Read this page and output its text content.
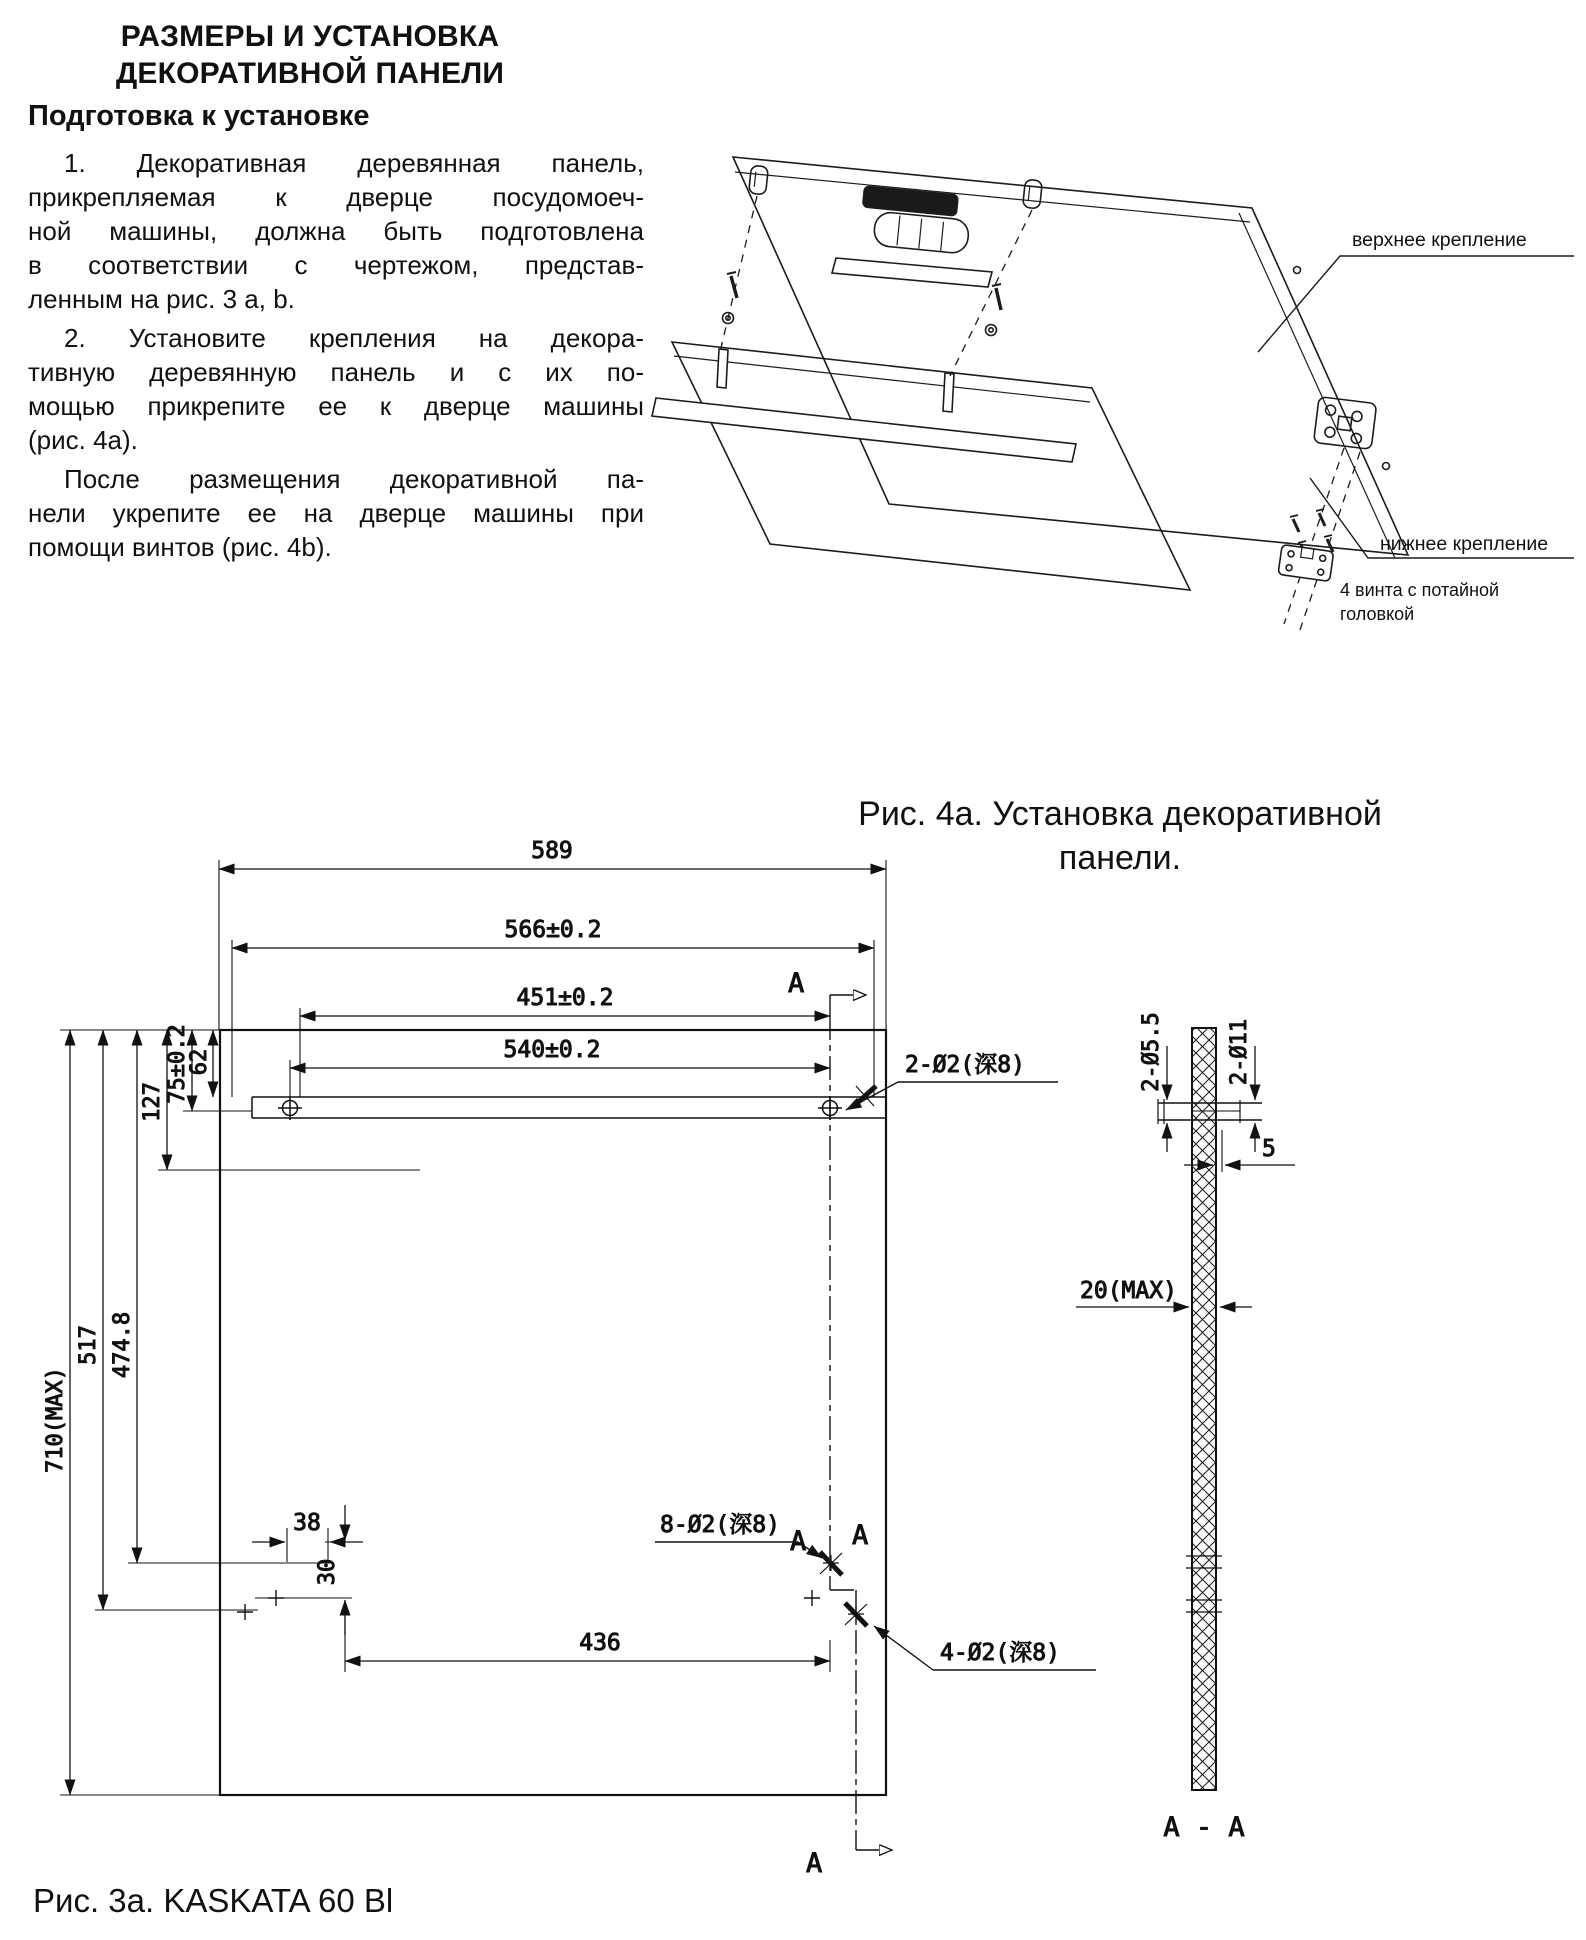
верхнее крепление
нижнее крепление
4 винта с потайной
головкой
589
566±0.2
451±0.2
540±0.2
710(MAX)
517 474.8
127 75±0.2
62
A
A
A A
2-Ø2(深8)
8-Ø2(深8)
4-Ø2(深8)
38
30
436
2-Ø5.5	2-Ø11
5
20(MAX)
A - A
РАЗМЕРЫ И УСТАНОВКА
ДЕКОРАТИВНОЙ ПАНЕЛИ
Подготовка к установке
1. Декоративная деревянная панель,
прикрепляемая к дверце посудомоеч-
ной машины, должна быть подготовлена
в соответствии с чертежом, представ-
ленным на рис. 3 a, b.
2. Установите крепления на декора-
тивную деревянную панель и с их по-
мощью прикрепите ее к дверце машины
(рис. 4a).
После размещения декоративной па-
нели укрепите ее на дверце машины при
помощи винтов (рис. 4b).
Рис. 4а. Установка декоративной
панели.
Рис. 3а. KASKATA 60 Bl
